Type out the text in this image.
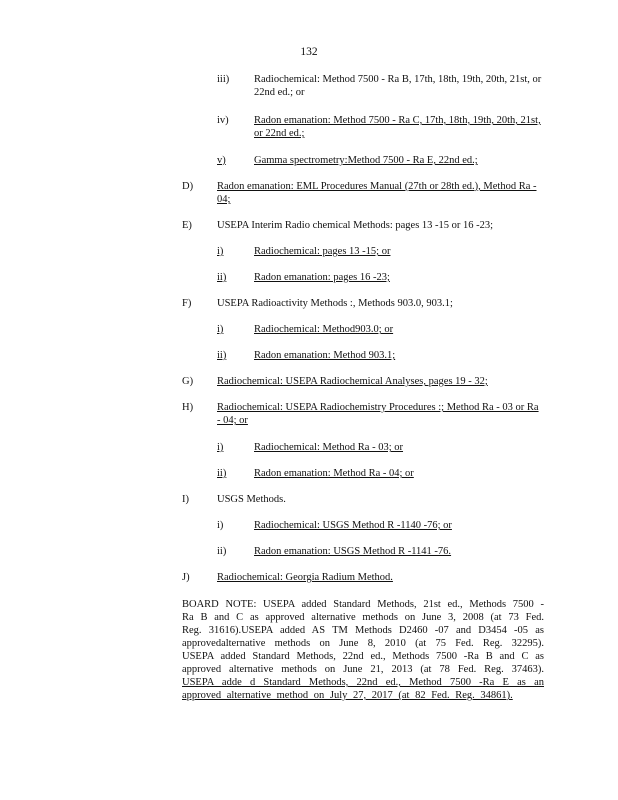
132
iii) Radiochemical: Method 7500 - Ra B, 17th, 18th, 19th, 20th, 21st, or 22nd ed.; or
iv) Radon emanation: Method 7500 - Ra C, 17th, 18th, 19th, 20th, 21st, or 22nd ed.;
v)	Gamma spectrometry:Method 7500 - Ra E, 22nd ed.;
D) Radon emanation: EML Procedures Manual (27th or 28th ed.), Method Ra - 04;
E) USEPA Interim Radio chemical Methods: pages 13 -15 or 16 -23;
i)	Radiochemical: pages 13 -15; or
ii)	Radon emanation: pages 16 -23;
F) USEPA Radioactivity Methods :, Methods 903.0, 903.1;
i)	Radiochemical: Method903.0; or
ii)	Radon emanation: Method 903.1;
G) Radiochemical: USEPA Radiochemical Analyses, pages 19 - 32;
H) Radiochemical: USEPA Radiochemistry Procedures :; Method Ra - 03 or Ra - 04; or
i)	Radiochemical: Method Ra - 03; or
ii)	Radon emanation: Method Ra - 04; or
I)	USGS Methods.
i)	Radiochemical: USGS Method R -1140 -76; or
ii)	Radon emanation: USGS Method R -1141 -76.
J)	Radiochemical: Georgia Radium Method.

BOARD NOTE: USEPA added Standard Methods, 21st ed., Methods 7500 -Ra B and C as approved alternative methods on June 3, 2008 (at 73 Fed. Reg. 31616).USEPA added AS TM Methods D2460 -07 and D3454 -05 as approvedalternative methods on June 8, 2010 (at 75 Fed. Reg. 32295). USEPA added Standard Methods, 22nd ed., Methods 7500 -Ra B and C as approved alternative methods on June 21, 2013 (at 78 Fed. Reg. 37463). USEPA adde d Standard Methods, 22nd ed., Method 7500 -Ra E as an approved alternative method on July 27, 2017 (at 82 Fed. Reg. 34861).
